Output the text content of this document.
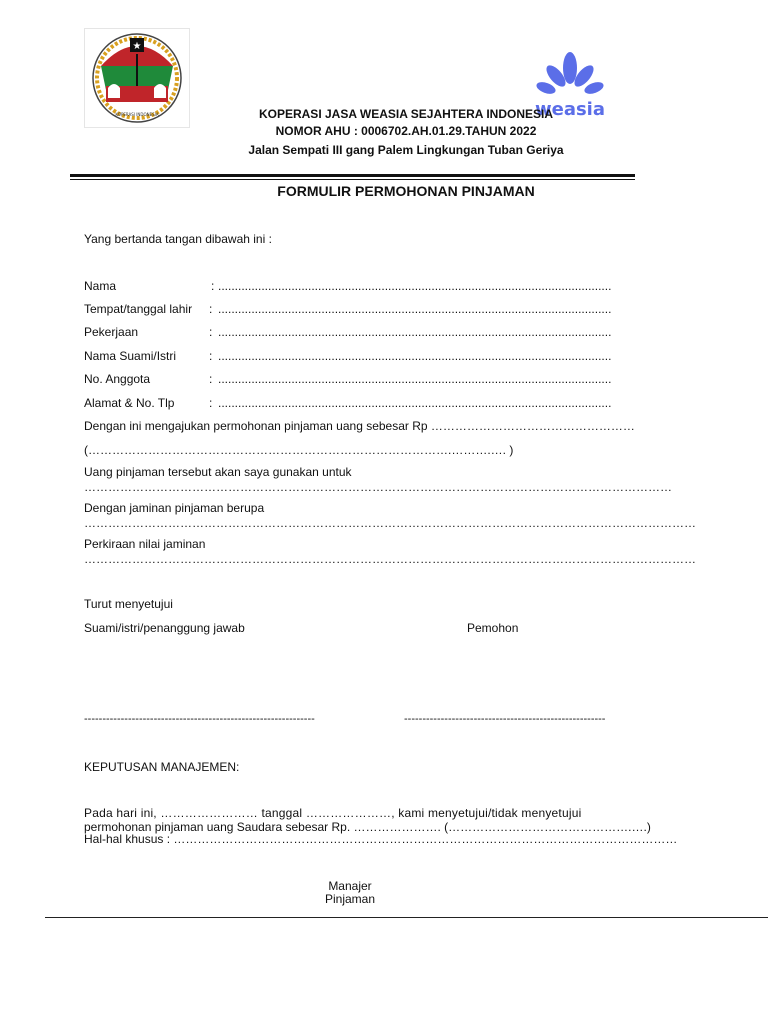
★
KOPERASI INDONESIA	weasia
KOPERASI JASA WEASIA SEJAHTERA INDONESIA
NOMOR AHU : 0006702.AH.01.29.TAHUN 2022
Jalan Sempati III gang Palem Lingkungan Tuban Geriya
FORMULIR PERMOHONAN PINJAMAN
Yang bertanda tangan dibawah ini :
Nama	: ......................................................................................................................
Tempat/tanggal lahir : ......................................................................................................................
Pekerjaan	: ......................................................................................................................
Nama Suami/Istri	: ......................................................................................................................
No. Anggota	: ......................................................................................................................
Alamat & No. Tlp	: ......................................................................................................................
Dengan ini mengajukan permohonan pinjaman uang sebesar Rp ……………………………………………
(……………………………………………………………………………….……….…. )
Uang pinjaman tersebut akan saya gunakan untuk
…………………………………………………………………………………………………………………………………
Dengan jaminan pinjaman berupa
………………………………………………………………………………………………………………………………………
Perkiraan nilai jaminan
………………………………………………………………………………………………………………………………………
Turut menyetujui
Suami/istri/penanggung jawab	Pemohon
---------------------------------------------------------------	-------------------------------------------------------
KEPUTUSAN MANAJEMEN:
Pada hari ini, …………………… tanggal …………………, kami menyetujui/tidak menyetujui
permohonan pinjaman uang Saudara sebesar Rp. …………………. (……………………………………….….)
Hal-hal khusus : ………………………………………………………………………………………………………………
Manajer
Pinjaman
